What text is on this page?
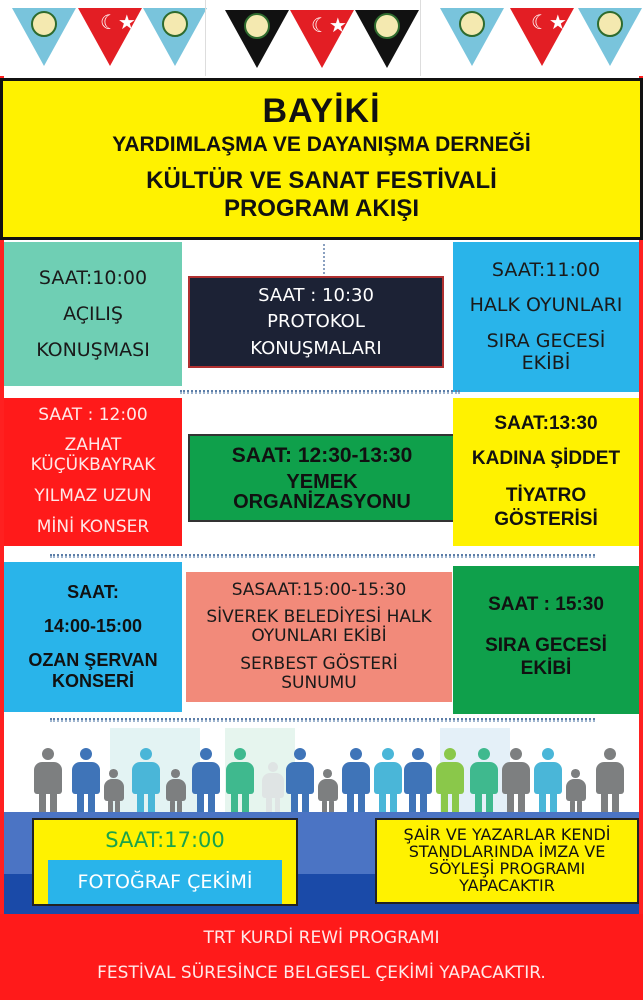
☾★	☾★	☾★
BAYİKİ
YARDIMLAŞMA VE DAYANIŞMA DERNEĞİ
KÜLTÜR VE SANAT FESTİVALİ
PROGRAM AKIŞI
SAAT:10:00
AÇILIŞ
KONUŞMASI
SAAT : 10:30
PROTOKOL
KONUŞMALARI
SAAT:11:00
HALK OYUNLARI
SIRA GECESİ
EKİBİ
SAAT : 12:00
ZAHAT
KÜÇÜKBAYRAK
YILMAZ UZUN
MİNİ KONSER
SAAT: 12:30-13:30
YEMEK
ORGANİZASYONU
SAAT:13:30
KADINA ŞİDDET
TİYATRO
GÖSTERİSİ
SAAT:
14:00-15:00
OZAN ŞERVAN
KONSERİ
SASAAT:15:00-15:30
SİVEREK BELEDİYESİ HALK
OYUNLARI EKİBİ
SERBEST GÖSTERİ
SUNUMU
SAAT : 15:30
SIRA GECESİ
EKİBİ
SAAT:17:00
FOTOĞRAF ÇEKİMİ
ŞAİR VE YAZARLAR KENDİ
STANDLARINDA İMZA VE
SÖYLEŞİ PROGRAMI
YAPACAKTIR
TRT KURDİ REWİ PROGRAMI
FESTİVAL SÜRESİNCE BELGESEL ÇEKİMİ YAPACAKTIR.
